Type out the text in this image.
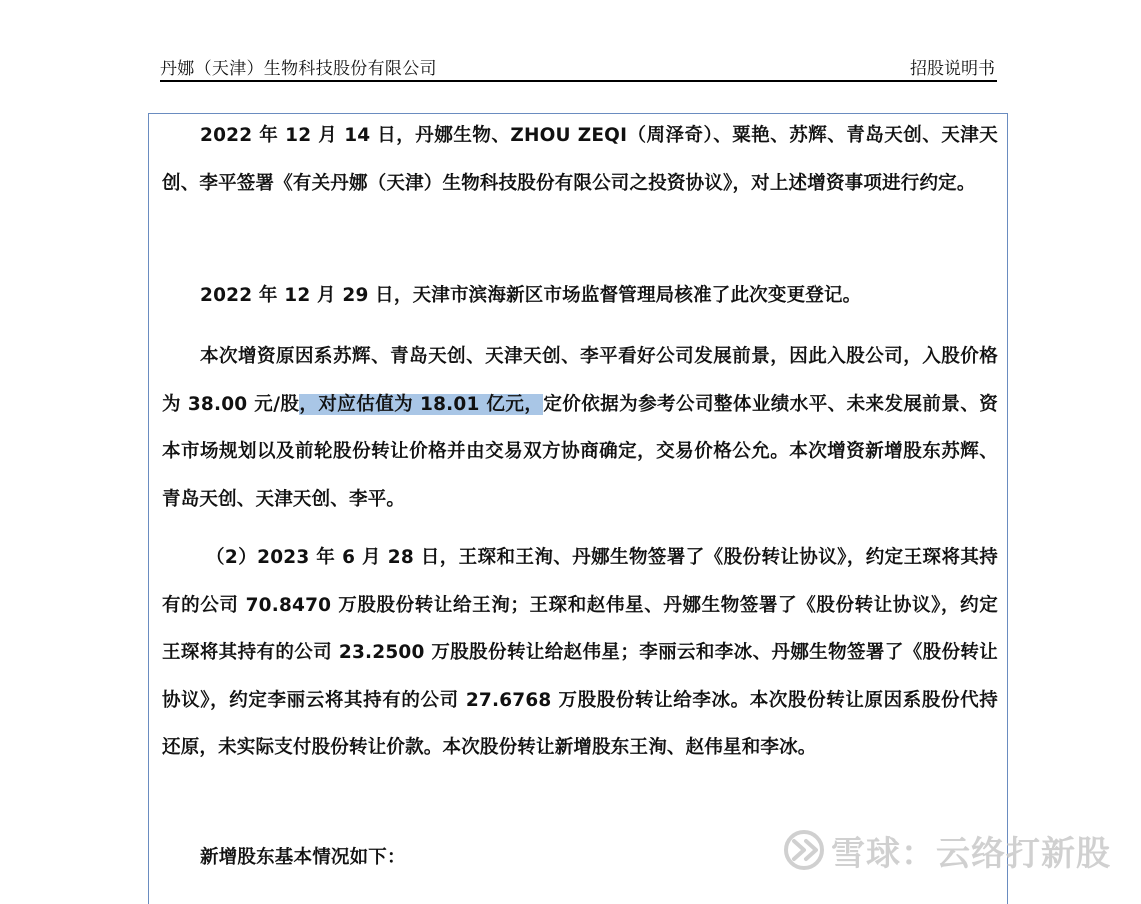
丹娜（天津）生物科技股份有限公司	招股说明书
2022 年 12 月 14 日，丹娜生物、ZHOU ZEQI（周泽奇）、粟艳、苏辉、青岛天创、天津天创、李平签署《有关丹娜（天津）生物科技股份有限公司之投资协议》，对上述增资事项进行约定。
2022 年 12 月 29 日，天津市滨海新区市场监督管理局核准了此次变更登记。
本次增资原因系苏辉、青岛天创、天津天创、李平看好公司发展前景，因此入股公司，入股价格为 38.00 元/股，对应估值为 18.01 亿元，定价依据为参考公司整体业绩水平、未来发展前景、资本市场规划以及前轮股份转让价格并由交易双方协商确定，交易价格公允。本次增资新增股东苏辉、青岛天创、天津天创、李平。
（2）2023 年 6 月 28 日，王琛和王洵、丹娜生物签署了《股份转让协议》，约定王琛将其持有的公司 70.8470 万股股份转让给王洵；王琛和赵伟星、丹娜生物签署了《股份转让协议》，约定王琛将其持有的公司 23.2500 万股股份转让给赵伟星；李丽云和李冰、丹娜生物签署了《股份转让协议》，约定李丽云将其持有的公司 27.6768 万股股份转让给李冰。本次股份转让原因系股份代持还原，未实际支付股份转让价款。本次股份转让新增股东王洵、赵伟星和李冰。
新增股东基本情况如下：	雪球：云络打新股
